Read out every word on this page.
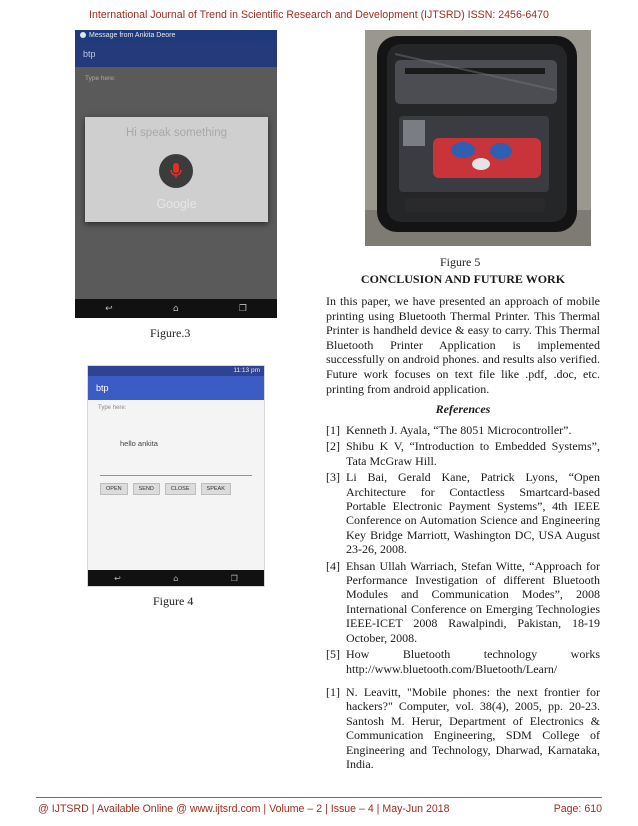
International Journal of Trend in Scientific Research and Development (IJTSRD) ISSN: 2456-6470
Message from Ankita Deore
btp
Type here:
Hi speak something
Google
↩	⌂	❐
Figure.3
11:13 pm
btp
Type here:
hello ankita
OPEN	SEND	CLOSE	SPEAK
↩	⌂	❐
Figure 4
Figure 5
CONCLUSION AND FUTURE WORK
In this paper, we have presented an approach of mobile printing using Bluetooth Thermal Printer. This Thermal Printer is handheld device & easy to carry. This Thermal Bluetooth Printer Application is implemented successfully on android phones. and results also verified. Future work focuses on text file like .pdf, .doc, etc. printing from android application.
References
[1] Kenneth J. Ayala, “The 8051 Microcontroller”.
[2] Shibu K V, “Introduction to Embedded Systems”, Tata McGraw Hill.
[3] Li Bai, Gerald Kane, Patrick Lyons, “Open Architecture for Contactless Smartcard-based Portable Electronic Payment Systems”, 4th IEEE Conference on Automation Science and Engineering Key Bridge Marriott, Washington DC, USA August 23-26, 2008.
[4] Ehsan Ullah Warriach, Stefan Witte, “Approach for Performance Investigation of different Bluetooth Modules and Communication Modes”, 2008 International Conference on Emerging Technologies IEEE-ICET 2008 Rawalpindi, Pakistan, 18-19 October, 2008.
[5] How Bluetooth technology works http://www.bluetooth.com/Bluetooth/Learn/
[1] N. Leavitt, "Mobile phones: the next frontier for hackers?" Computer, vol. 38(4), 2005, pp. 20-23. Santosh M. Herur, Department of Electronics & Communication Engineering, SDM College of Engineering and Technology, Dharwad, Karnataka, India.
@ IJTSRD | Available Online @ www.ijtsrd.com | Volume – 2 | Issue – 4 | May-Jun 2018	Page: 610
